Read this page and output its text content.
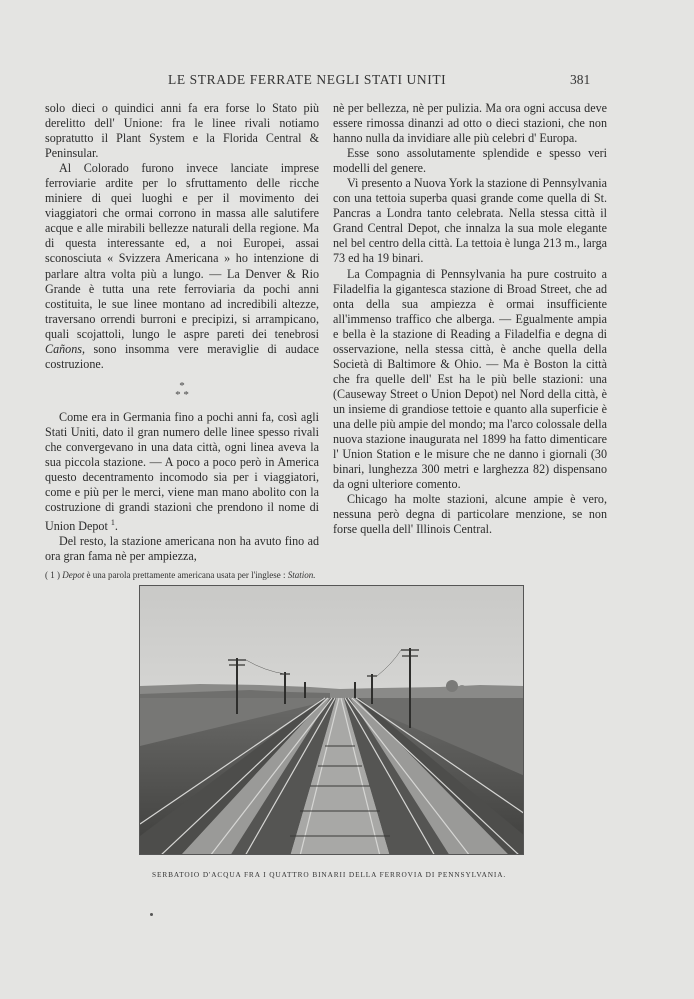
LE STRADE FERRATE NEGLI STATI UNITI	381

solo dieci o quindici anni fa era forse lo Stato più derelitto dell' Unione: fra le linee rivali notiamo sopratutto il Plant System e la Florida Central & Peninsular.

Al Colorado furono invece lanciate imprese ferroviarie ardite per lo sfruttamento delle ricche miniere di quei luoghi e per il movimento dei viaggiatori che ormai corrono in massa alle salutifere acque e alle mirabili bellezze naturali della regione. Ma di questa interessante ed, a noi Europei, assai sconosciuta « Svizzera Americana » ho intenzione di parlare altra volta più a lungo. — La Denver & Rio Grande è tutta una rete ferroviaria da pochi anni costituita, le sue linee montano ad incredibili altezze, traversano orrendi burroni e precipizi, si arrampicano, quali scojattoli, lungo le aspre pareti dei tenebrosi Cañons, sono insomma vere meraviglie di audace costruzione.

*
* *

Come era in Germania fino a pochi anni fa, così agli Stati Uniti, dato il gran numero delle linee spesso rivali che convergevano in una data città, ogni linea aveva la sua piccola stazione. — A poco a poco però in America questo decentramento incomodo sia per i viaggiatori, come e più per le merci, viene man mano abolito con la costruzione di grandi stazioni che prendono il nome di Union Depot $^1$.

Del resto, la stazione americana non ha avuto fino ad ora gran fama nè per ampiezza,

( 1 ) Depot è una parola prettamente americana usata per l'inglese : Station.

nè per bellezza, nè per pulizia. Ma ora ogni accusa deve essere rimossa dinanzi ad otto o dieci stazioni, che non hanno nulla da invidiare alle più celebri d' Europa.

Esse sono assolutamente splendide e spesso veri modelli del genere.

Vi presento a Nuova York la stazione di Pennsylvania con una tettoia superba quasi grande come quella di St. Pancras a Londra tanto celebrata. Nella stessa città il Grand Central Depot, che innalza la sua mole elegante nel bel centro della città. La tettoia è lunga 213 m., larga 73 ed ha 19 binari.

La Compagnia di Pennsylvania ha pure costruito a Filadelfia la gigantesca stazione di Broad Street, che ad onta della sua ampiezza è ormai insufficiente all'immenso traffico che alberga. — Egualmente ampia e bella è la stazione di Reading a Filadelfia e degna di osservazione, nella stessa città, è anche quella della Società di Baltimore & Ohio. — Ma è Boston la città che fra quelle dell' Est ha le più belle stazioni: una (Causeway Street o Union Depot) nel Nord della città, è un insieme di grandiose tettoie e quanto alla superficie è una delle più ampie del mondo; ma l'arco colossale della nuova stazione inaugurata nel 1899 ha fatto dimenticare l' Union Station e le misure che ne danno i giornali (30 binari, lunghezza 300 metri e larghezza 82) dispensano da ogni ulteriore comento.

Chicago ha molte stazioni, alcune ampie è vero, nessuna però degna di particolare menzione, se non forse quella dell' Illinois Central.

SERBATOIO D'ACQUA FRA I QUATTRO BINARII DELLA FERROVIA DI PENNSYLVANIA.
